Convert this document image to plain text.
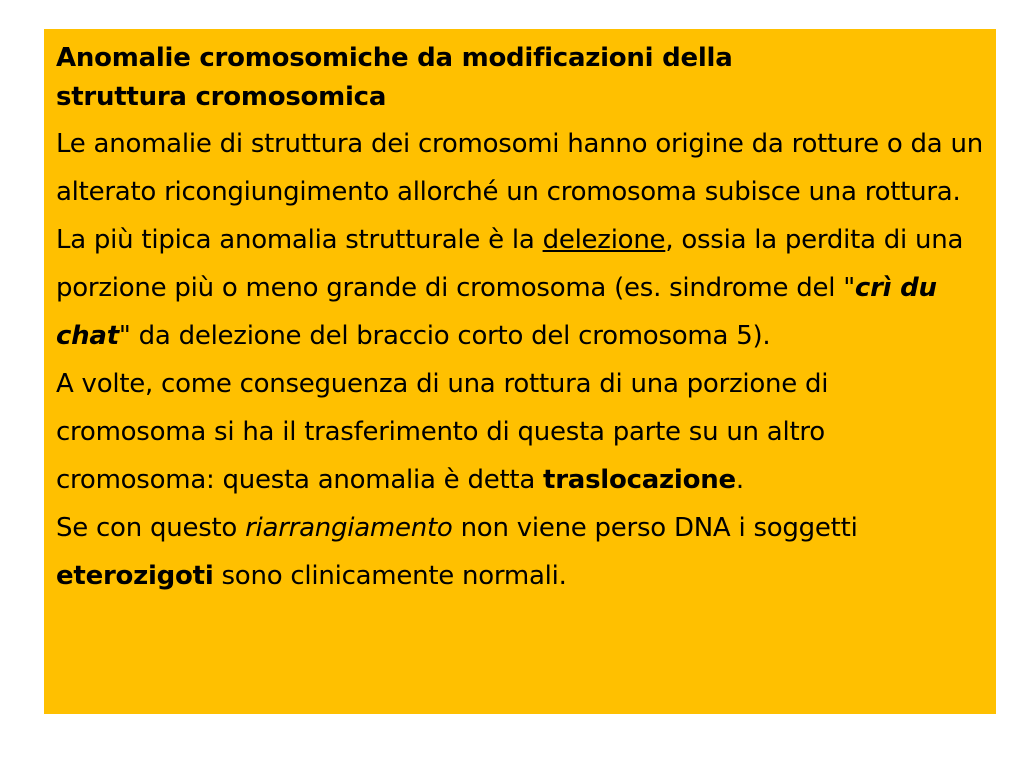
Anomalie cromosomiche da modificazioni della
struttura cromosomica

Le anomalie di struttura dei cromosomi hanno origine da rotture o da un alterato ricongiungimento allorché un cromosoma subisce una rottura.

La più tipica anomalia strutturale è la delezione, ossia la perdita di una porzione più o meno grande di cromosoma (es. sindrome del "crì du chat" da delezione del braccio corto del cromosoma 5).

A volte, come conseguenza di una rottura di una porzione di cromosoma si ha il trasferimento di questa parte su un altro cromosoma: questa anomalia è detta traslocazione.

Se con questo riarrangiamento non viene perso DNA i soggetti eterozigoti sono clinicamente normali.
